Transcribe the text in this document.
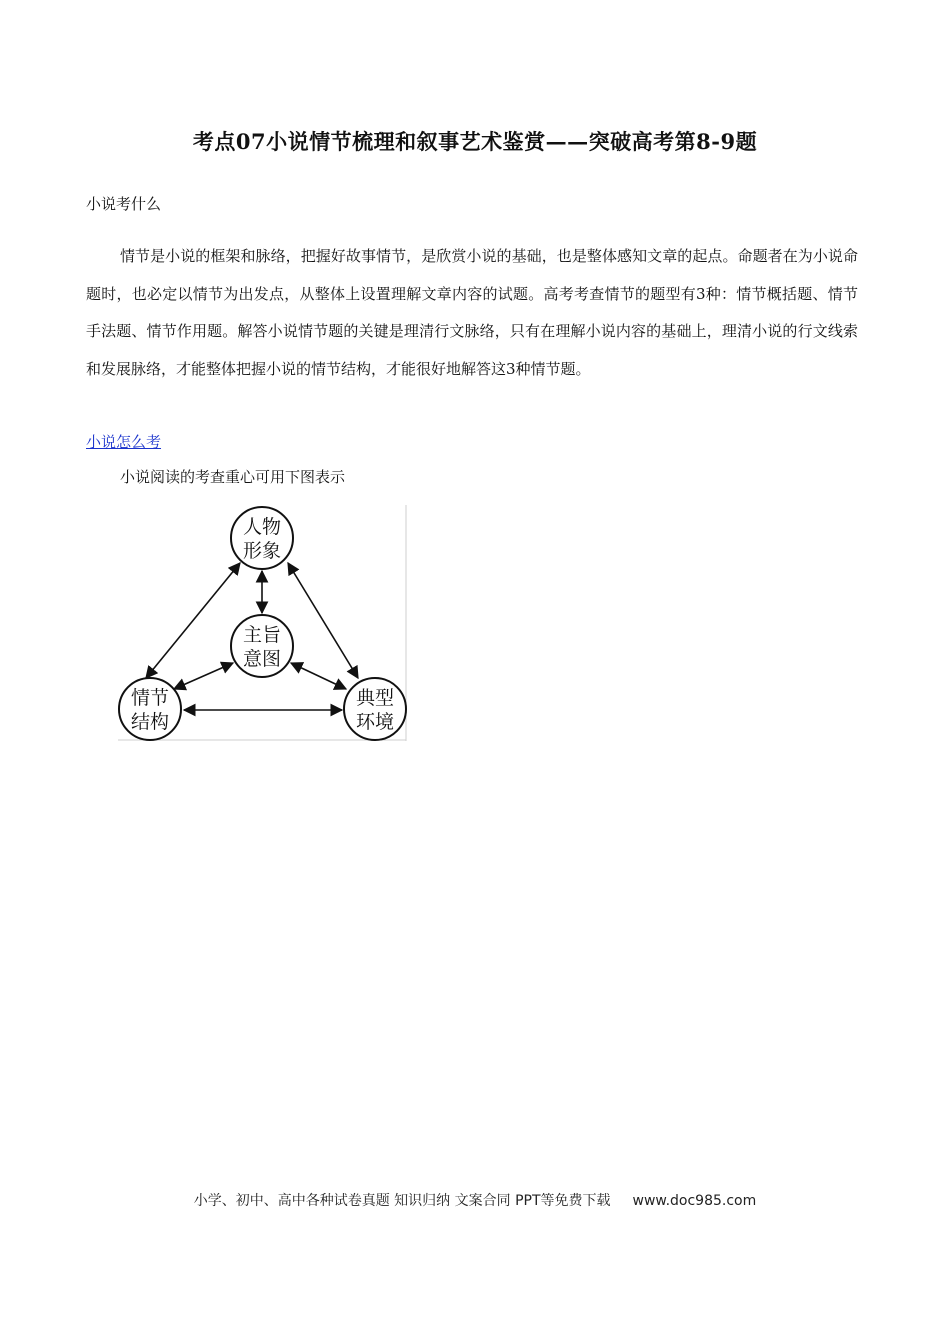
考点07小说情节梳理和叙事艺术鉴赏——突破高考第8-9题
小说考什么

情节是小说的框架和脉络，把握好故事情节，是欣赏小说的基础，也是整体感知文章的起点。命题者在为小说命题时，也必定以情节为出发点，从整体上设置理解文章内容的试题。高考考查情节的题型有3种：情节概括题、情节手法题、情节作用题。解答小说情节题的关键是理清行文脉络，只有在理解小说内容的基础上，理清小说的行文线索和发展脉络，才能整体把握小说的情节结构，才能很好地解答这3种情节题。

小说怎么考
小说阅读的考查重心可用下图表示
人物
形象
主旨
意图
情节
结构
典型
环境
小学、初中、高中各种试卷真题 知识归纳 文案合同 PPT等免费下载 www.doc985.com
